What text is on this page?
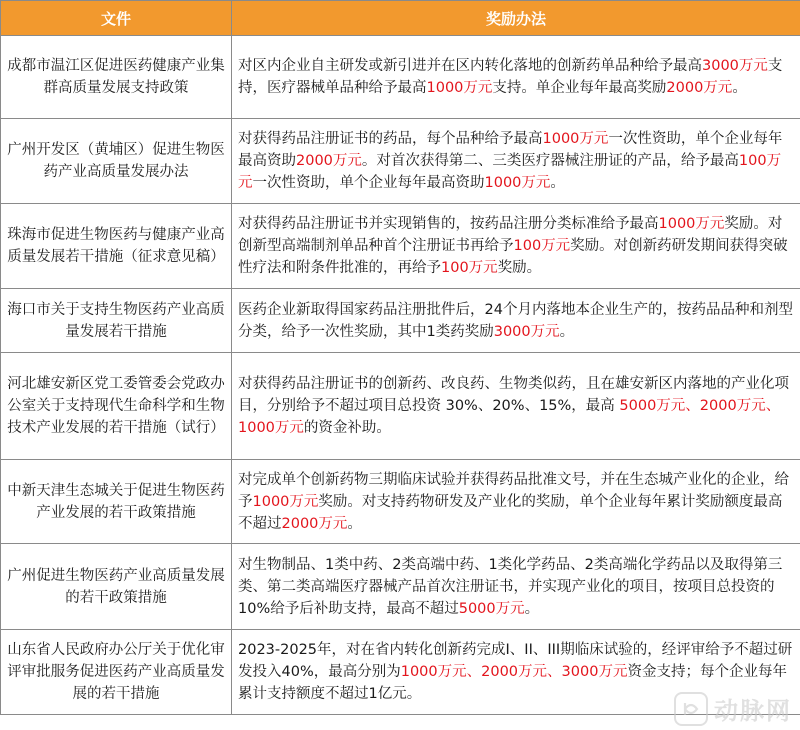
文件	奖励办法
成都市温江区促进医药健康产业集群高质量发展支持政策	对区内企业自主研发或新引进并在区内转化落地的创新药单品种给予最高3000万元支持，医疗器械单品种给予最高1000万元支持。单企业每年最高奖励2000万元。
广州开发区（黄埔区）促进生物医药产业高质量发展办法	对获得药品注册证书的药品，每个品种给予最高1000万元一次性资助，单个企业每年最高资助2000万元。对首次获得第二、三类医疗器械注册证的产品，给予最高100万元一次性资助，单个企业每年最高资助1000万元。
珠海市促进生物医药与健康产业高质量发展若干措施（征求意见稿）	对获得药品注册证书并实现销售的，按药品注册分类标准给予最高1000万元奖励。对创新型高端制剂单品种首个注册证书再给予100万元奖励。对创新药研发期间获得突破性疗法和附条件批准的，再给予100万元奖励。
海口市关于支持生物医药产业高质量发展若干措施	医药企业新取得国家药品注册批件后，24个月内落地本企业生产的，按药品品种和剂型分类，给予一次性奖励，其中1类药奖励3000万元。
河北雄安新区党工委管委会党政办公室关于支持现代生命科学和生物技术产业发展的若干措施（试行）	对获得药品注册证书的创新药、改良药、生物类似药，且在雄安新区内落地的产业化项目，分别给予不超过项目总投资 30%、20%、15%，最高 5000万元、2000万元、1000万元的资金补助。
中新天津生态城关于促进生物医药产业发展的若干政策措施	对完成单个创新药物三期临床试验并获得药品批准文号，并在生态城产业化的企业，给予1000万元奖励。对支持药物研发及产业化的奖励，单个企业每年累计奖励额度最高不超过2000万元。
广州促进生物医药产业高质量发展的若干政策措施	对生物制品、1类中药、2类高端中药、1类化学药品、2类高端化学药品以及取得第三类、第二类高端医疗器械产品首次注册证书，并实现产业化的项目，按项目总投资的10%给予后补助支持，最高不超过5000万元。
山东省人民政府办公厅关于优化审评审批服务促进医药产业高质量发展的若干措施	2023-2025年，对在省内转化创新药完成I、II、III期临床试验的，经评审给予不超过研发投入40%，最高分别为1000万元、2000万元、3000万元资金支持；每个企业每年累计支持额度不超过1亿元。
动脉网
